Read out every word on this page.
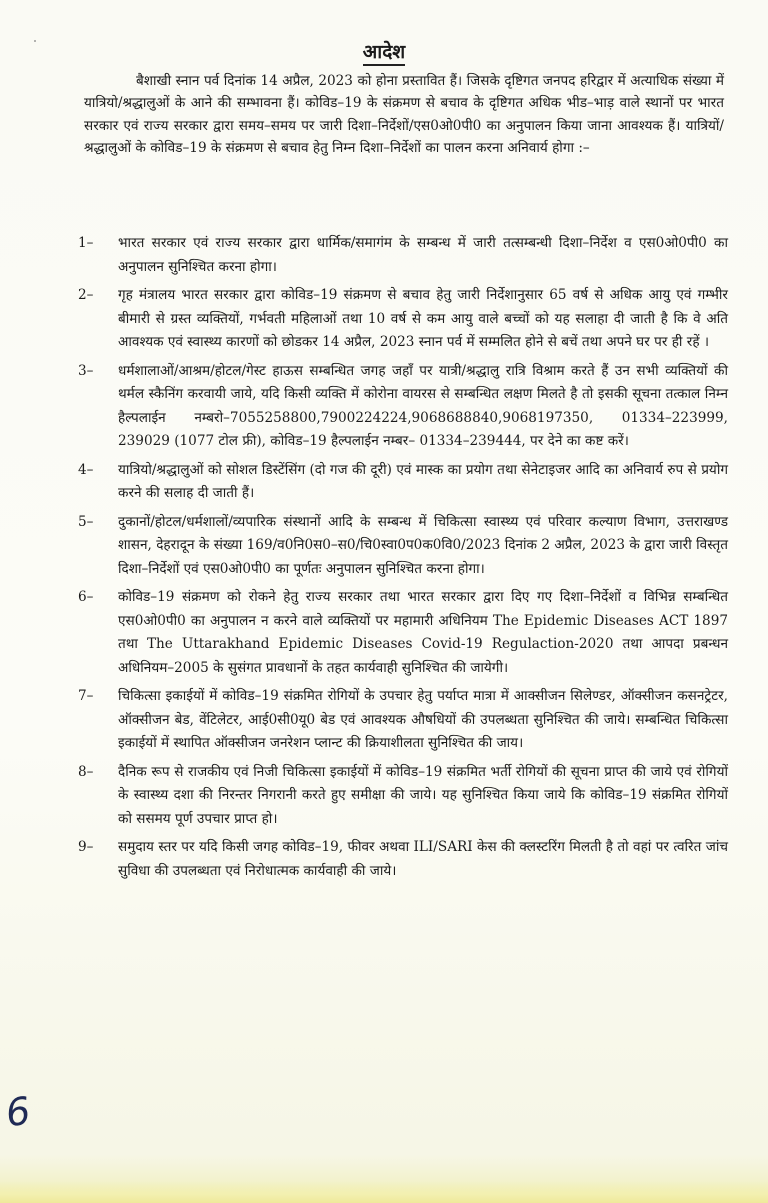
आदेश
बैशाखी स्नान पर्व दिनांक 14 अप्रैल, 2023 को होना प्रस्तावित हैं। जिसके दृष्टिगत जनपद हरिद्वार में अत्याधिक संख्या में यात्रियो/श्रद्धालुओं के आने की सम्भावना हैं। कोविड–19 के संक्रमण से बचाव के दृष्टिगत अधिक भीड–भाड़ वाले स्थानों पर भारत सरकार एवं राज्य सरकार द्वारा समय–समय पर जारी दिशा–निर्देशों/एस0ओ0पी0 का अनुपालन किया जाना आवश्यक हैं। यात्रियों/श्रद्धालुओं के कोविड–19 के संक्रमण से बचाव हेतु निम्न दिशा–निर्देशों का पालन करना अनिवार्य होगा :–
1–	भारत सरकार एवं राज्य सरकार द्वारा धार्मिक/समागंम के सम्बन्ध में जारी तत्सम्बन्धी दिशा–निर्देश व एस0ओ0पी0 का अनुपालन सुनिश्चित करना होगा।
2–	गृह मंत्रालय भारत सरकार द्वारा कोविड–19 संक्रमण से बचाव हेतु जारी निर्देशानुसार 65 वर्ष से अधिक आयु एवं गम्भीर बीमारी से ग्रस्त व्यक्तियों, गर्भवती महिलाओं तथा 10 वर्ष से कम आयु वाले बच्चों को यह सलाहा दी जाती है कि वे अति आवश्यक एवं स्वास्थ्य कारणों को छोडकर 14 अप्रैल, 2023 स्नान पर्व में सम्मलित होने से बचें तथा अपने घर पर ही रहें ।
3–	धर्मशालाओं/आश्रम/होटल/गेस्ट हाऊस सम्बन्धित जगह जहाँ पर यात्री/श्रद्धालु रात्रि विश्राम करते हैं उन सभी व्यक्तियों की थर्मल स्कैनिंग करवायी जाये, यदि किसी व्यक्ति में कोरोना वायरस से सम्बन्धित लक्षण मिलते है तो इसकी सूचना तत्काल निम्न हैल्पलाईन नम्बरो–7055258800,7900224224,9068688840,9068197350, 01334–223999, 239029 (1077 टोल फ्री), कोविड–19 हैल्पलाईन नम्बर– 01334–239444, पर देने का कष्ट करें।
4–	यात्रियो/श्रद्धालुओं को सोशल डिस्टेंसिंग (दो गज की दूरी) एवं मास्क का प्रयोग तथा सेनेटाइजर आदि का अनिवार्य रुप से प्रयोग करने की सलाह दी जाती हैं।
5–	दुकानों/होटल/धर्मशालों/व्यपारिक संस्थानों आदि के सम्बन्ध में चिकित्सा स्वास्थ्य एवं परिवार कल्याण विभाग, उत्तराखण्ड शासन, देहरादून के संख्या 169/व0नि0स0–स0/चि0स्वा0प0क0वि0/2023 दिनांक 2 अप्रैल, 2023 के द्वारा जारी विस्तृत दिशा–निर्देशों एवं एस0ओ0पी0 का पूर्णतः अनुपालन सुनिश्चित करना होगा।
6–	कोविड–19 संक्रमण को रोकने हेतु राज्य सरकार तथा भारत सरकार द्वारा दिए गए दिशा–निर्देशों व विभिन्न सम्बन्धित एस0ओ0पी0 का अनुपालन न करने वाले व्यक्तियों पर महामारी अधिनियम The Epidemic Diseases ACT 1897 तथा The Uttarakhand Epidemic Diseases Covid-19 Regulaction-2020 तथा आपदा प्रबन्धन अधिनियम–2005 के सुसंगत प्रावधानों के तहत कार्यवाही सुनिश्चित की जायेगी।
7–	चिकित्सा इकाईयों में कोविड–19 संक्रमित रोगियों के उपचार हेतु पर्याप्त मात्रा में आक्सीजन सिलेण्डर, ऑक्सीजन कसनट्रेटर, ऑक्सीजन बेड, वेंटिलेटर, आई0सी0यू0 बेड एवं आवश्यक औषधियों की उपलब्धता सुनिश्चित की जाये। सम्बन्धित चिकित्सा इकाईयों में स्थापित ऑक्सीजन जनरेशन प्लान्ट की क्रियाशीलता सुनिश्चित की जाय।
8–	दैनिक रूप से राजकीय एवं निजी चिकित्सा इकाईयों में कोविड–19 संक्रमित भर्ती रोगियों की सूचना प्राप्त की जाये एवं रोगियों के स्वास्थ्य दशा की निरन्तर निगरानी करते हुए समीक्षा की जाये। यह सुनिश्चित किया जाये कि कोविड–19 संक्रमित रोगियों को ससमय पूर्ण उपचार प्राप्त हो।
9–	समुदाय स्तर पर यदि किसी जगह कोविड–19, फीवर अथवा ILI/SARI केस की क्लस्टरिंग मिलती है तो वहां पर त्वरित जांच सुविधा की उपलब्धता एवं निरोधात्मक कार्यवाही की जाये।
6
